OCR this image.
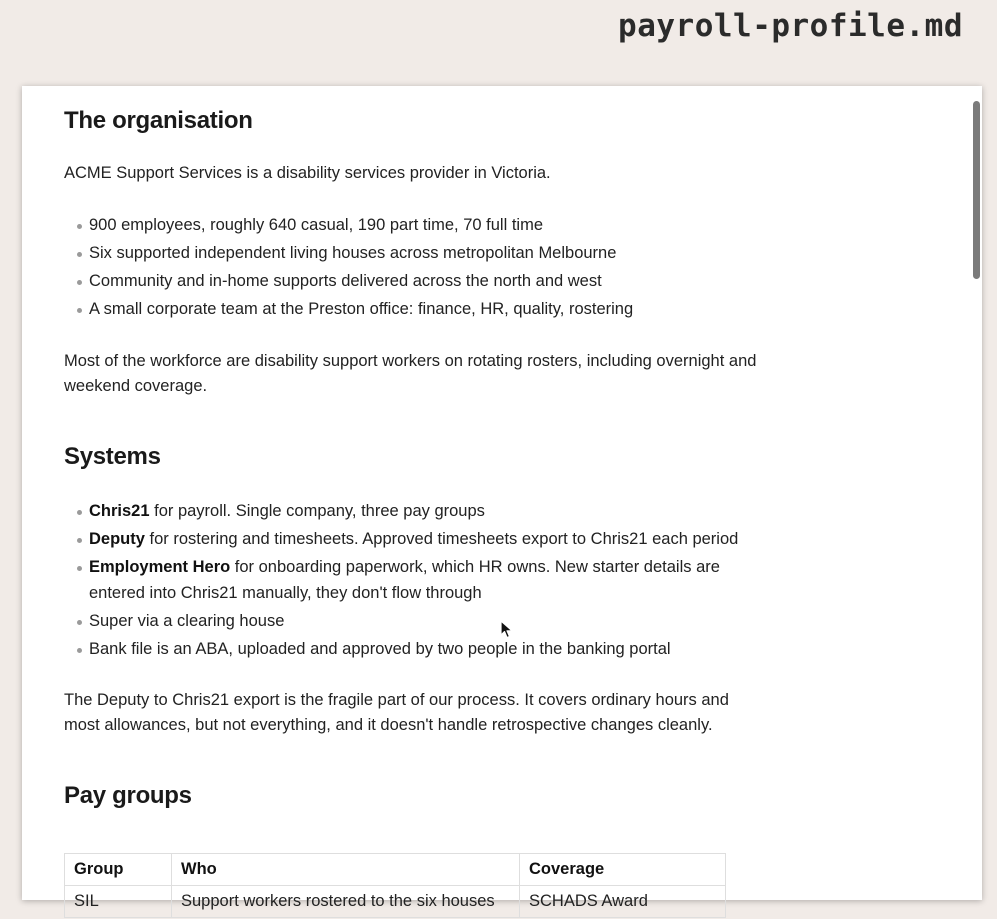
payroll-profile.md
The organisation

ACME Support Services is a disability services provider in Victoria.

900 employees, roughly 640 casual, 190 part time, 70 full time
Six supported independent living houses across metropolitan Melbourne
Community and in-home supports delivered across the north and west
A small corporate team at the Preston office: finance, HR, quality, rostering

Most of the workforce are disability support workers on rotating rosters, including overnight and
weekend coverage.

Systems
Chris21 for payroll. Single company, three pay groups
Deputy for rostering and timesheets. Approved timesheets export to Chris21 each period
Employment Hero for onboarding paperwork, which HR owns. New starter details are
entered into Chris21 manually, they don't flow through
Super via a clearing house
Bank file is an ABA, uploaded and approved by two people in the banking portal

The Deputy to Chris21 export is the fragile part of our process. It covers ordinary hours and
most allowances, but not everything, and it doesn't handle retrospective changes cleanly.

Pay groups
Group	Who	Coverage
SIL	Support workers rostered to the six houses	SCHADS Award
